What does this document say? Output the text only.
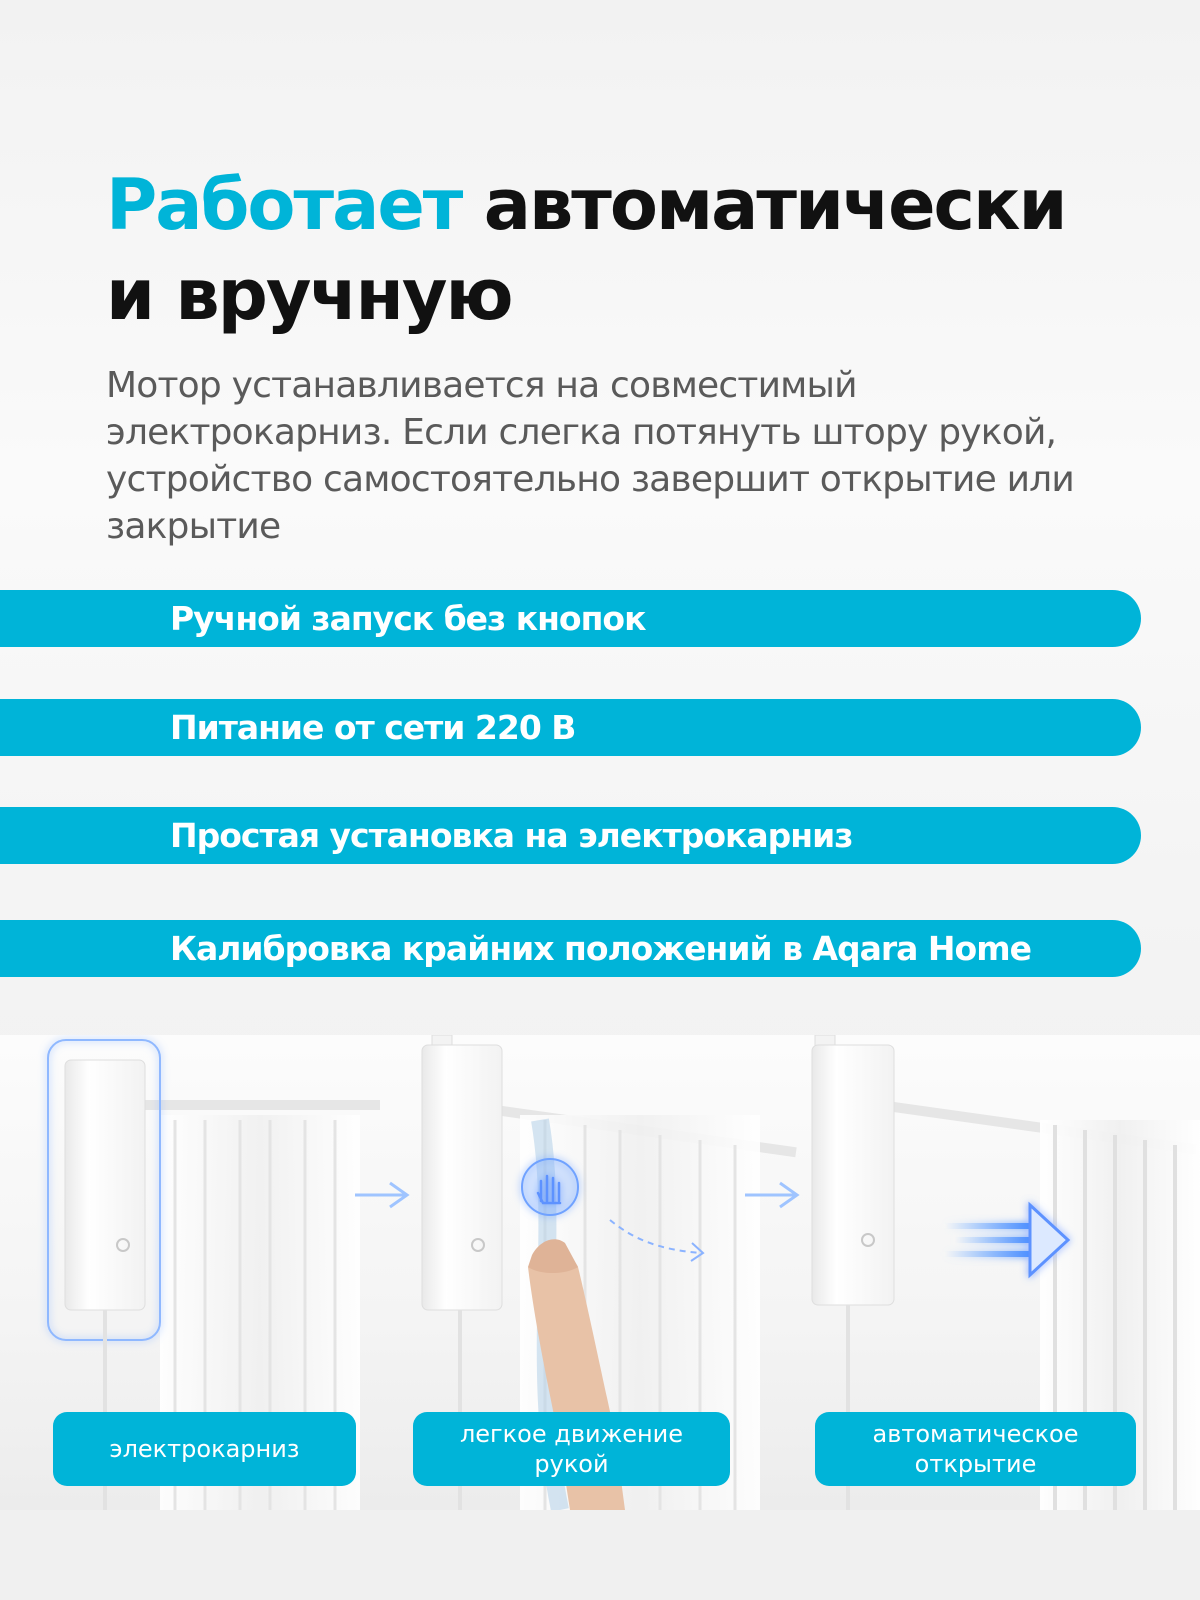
Работает автоматически
и вручную

Мотор устанавливается на совместимый электрокарниз. Если слегка потянуть штору рукой, устройство самостоятельно завершит открытие или закрытие

Ручной запуск без кнопок
Питание от сети 220 В
Простая установка на электрокарниз
Калибровка крайних положений в Aqara Home
электрокарниз
легкое движение
рукой
автоматическое
открытие
